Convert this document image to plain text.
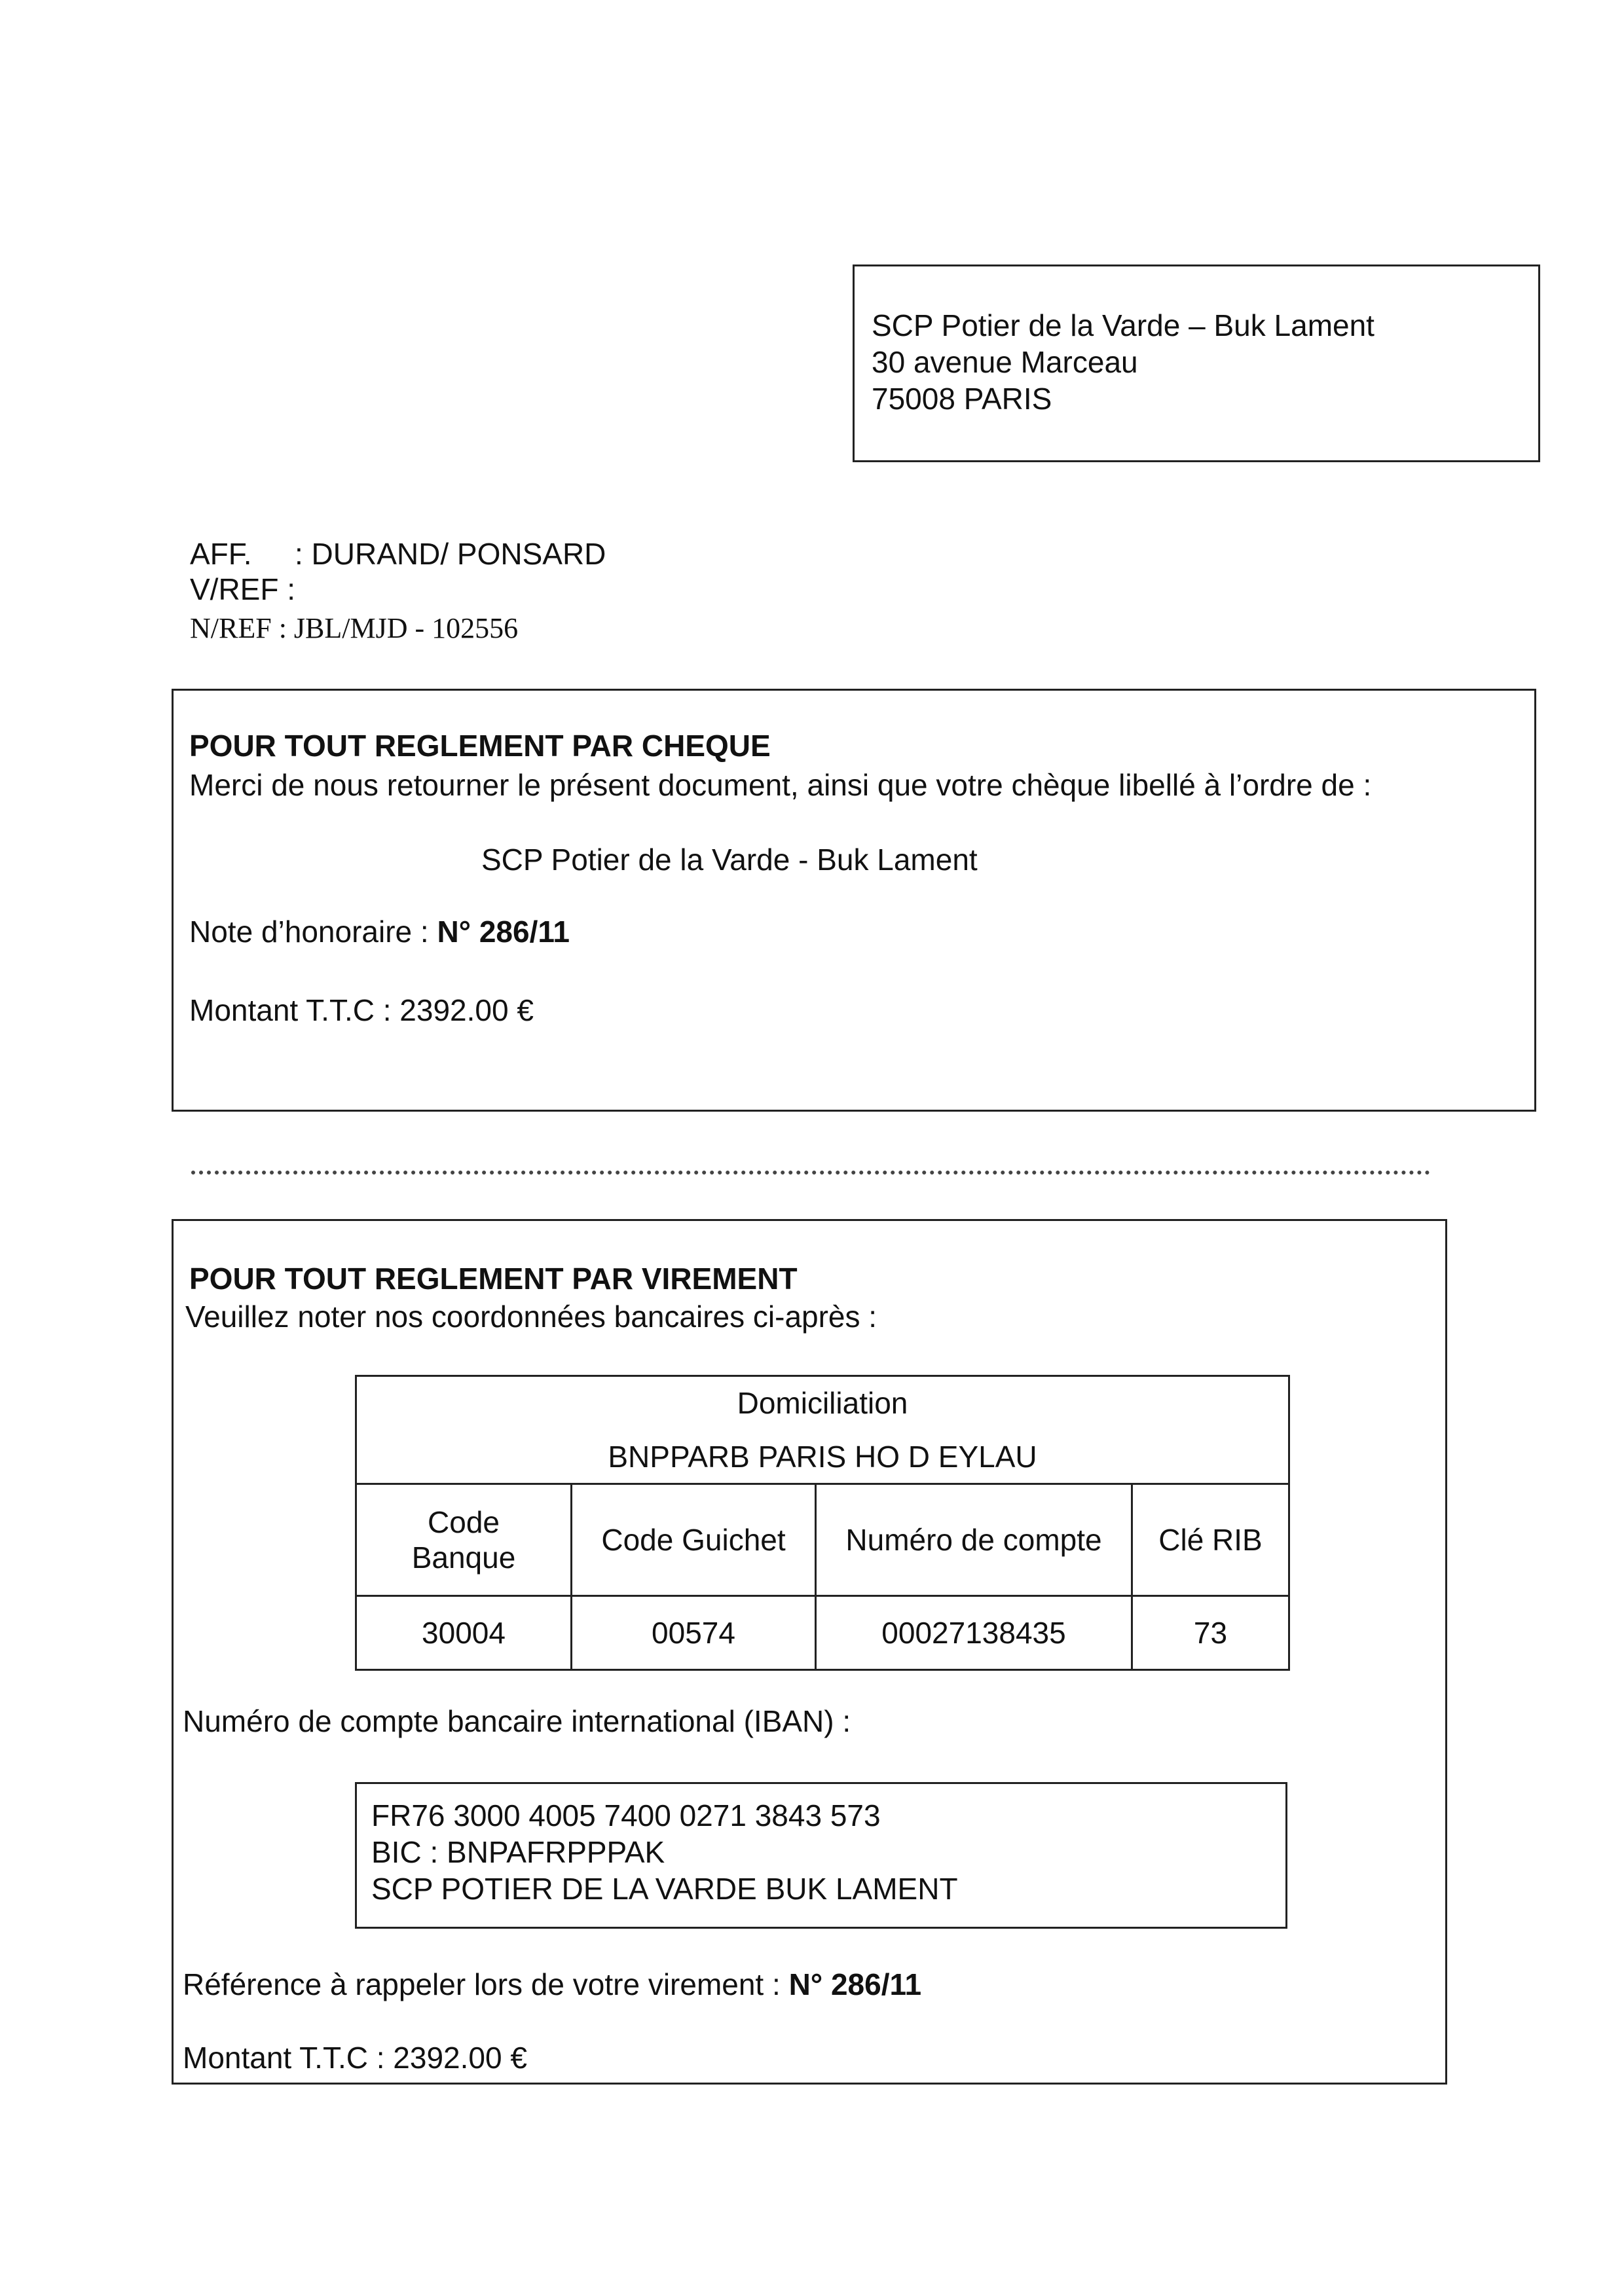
SCP Potier de la Varde – Buk Lament
30 avenue Marceau
75008 PARIS
AFF. : DURAND/ PONSARD
V/REF :
N/REF : JBL/MJD - 102556
POUR TOUT REGLEMENT PAR CHEQUE
Merci de nous retourner le présent document, ainsi que votre chèque libellé à l’ordre de :
SCP Potier de la Varde - Buk Lament
Note d’honoraire : N° 286/11
Montant T.T.C : 2392.00 €
POUR TOUT REGLEMENT PAR VIREMENT
Veuillez noter nos coordonnées bancaires ci-après :
Numéro de compte bancaire international (IBAN) :
Référence à rappeler lors de votre virement : N° 286/11
Montant T.T.C : 2392.00 €
Domiciliation
BNPPARB PARIS HO D EYLAU			

Code Banque	Code Guichet	Numéro de compte	Clé RIB
30004	00574	00027138435	73
FR76 3000 4005 7400 0271 3843 573
BIC : BNPAFRPPPAK
SCP POTIER DE LA VARDE BUK LAMENT
